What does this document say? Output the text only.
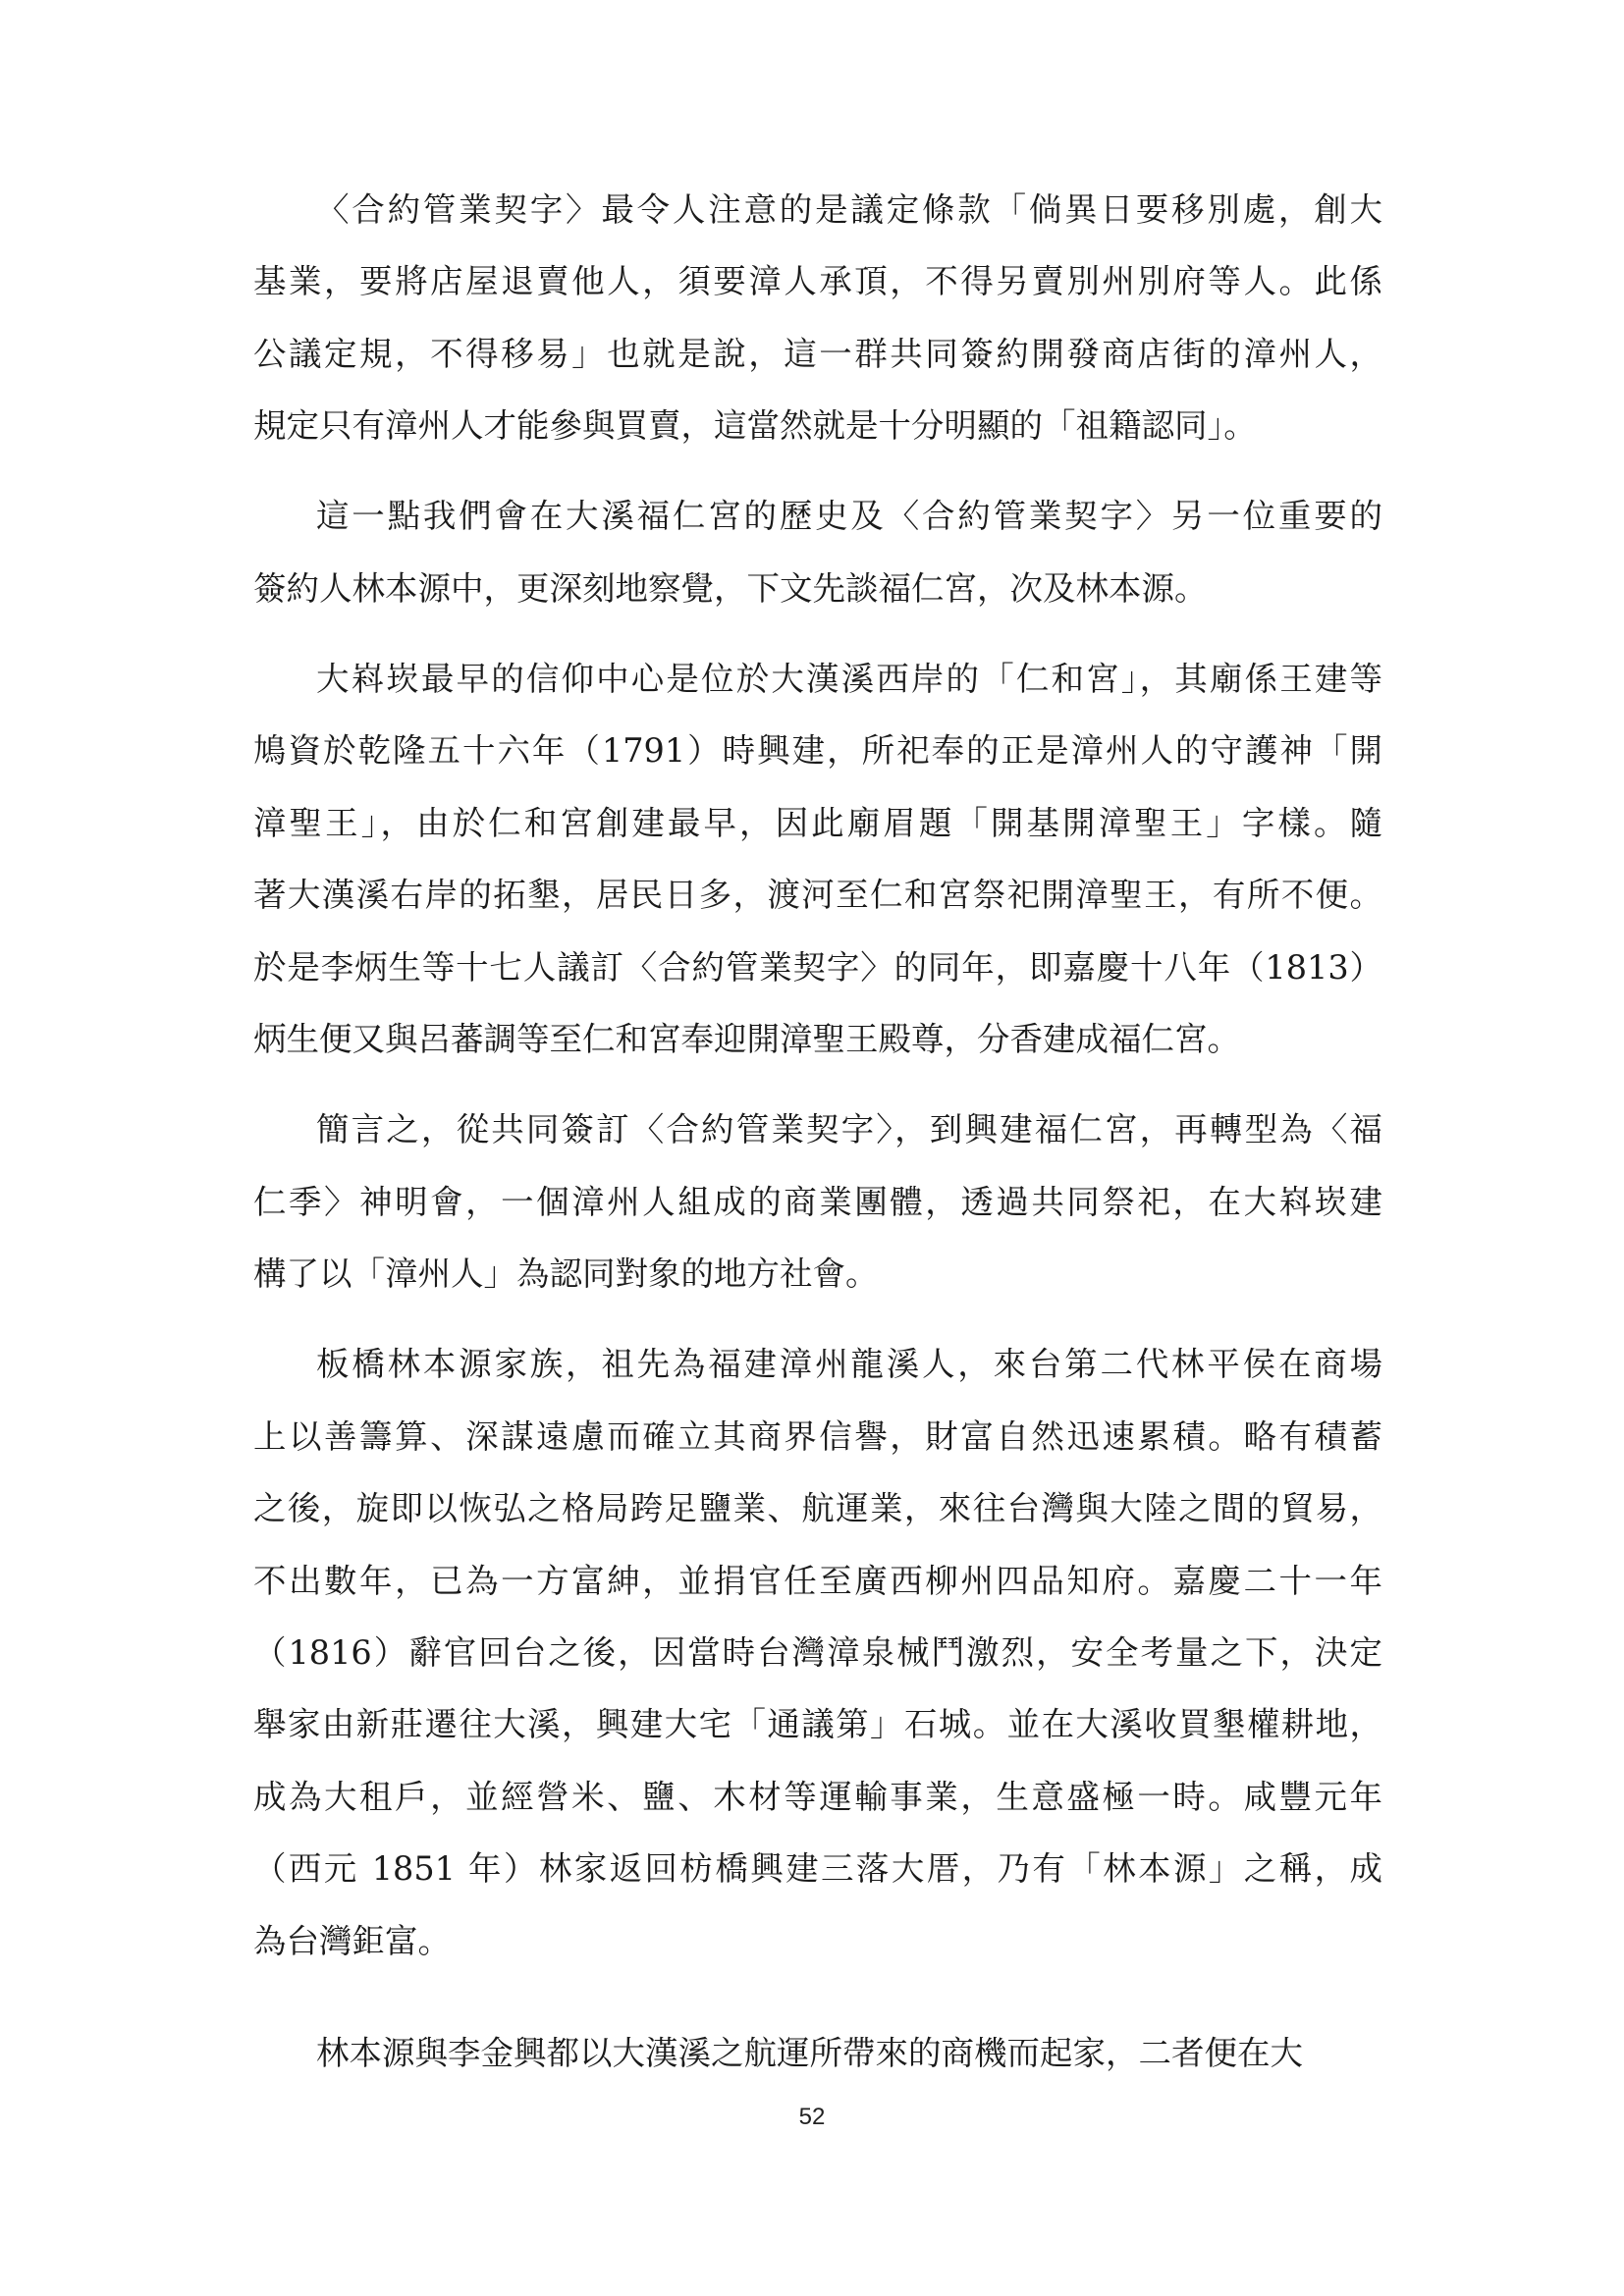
〈合約管業契字〉最令人注意的是議定條款「倘異日要移別處，創大
基業，要將店屋退賣他人，須要漳人承頂，不得另賣別州別府等人。此係
公議定規，不得移易」也就是說，這一群共同簽約開發商店街的漳州人，
規定只有漳州人才能參與買賣，這當然就是十分明顯的「祖籍認同」。
這一點我們會在大溪福仁宮的歷史及〈合約管業契字〉另一位重要的
簽約人林本源中，更深刻地察覺，下文先談福仁宮，次及林本源。
大嵙崁最早的信仰中心是位於大漢溪西岸的「仁和宮」，其廟係王建等
鳩資於乾隆五十六年（1791）時興建，所祀奉的正是漳州人的守護神「開
漳聖王」，由於仁和宮創建最早，因此廟眉題「開基開漳聖王」字樣。隨
著大漢溪右岸的拓墾，居民日多，渡河至仁和宮祭祀開漳聖王，有所不便。
於是李炳生等十七人議訂〈合約管業契字〉的同年，即嘉慶十八年（1813）
炳生便又與呂蕃調等至仁和宮奉迎開漳聖王殿尊，分香建成福仁宮。
簡言之，從共同簽訂〈合約管業契字〉，到興建福仁宮，再轉型為〈福
仁季〉神明會，一個漳州人組成的商業團體，透過共同祭祀，在大嵙崁建
構了以「漳州人」為認同對象的地方社會。
板橋林本源家族，祖先為福建漳州龍溪人，來台第二代林平侯在商場
上以善籌算、深謀遠慮而確立其商界信譽，財富自然迅速累積。略有積蓄
之後，旋即以恢弘之格局跨足鹽業、航運業，來往台灣與大陸之間的貿易，
不出數年，已為一方富紳，並捐官任至廣西柳州四品知府。嘉慶二十一年
（1816）辭官回台之後，因當時台灣漳泉械鬥激烈，安全考量之下，決定
舉家由新莊遷往大溪，興建大宅「通議第」石城。並在大溪收買墾權耕地，
成為大租戶，並經營米、鹽、木材等運輸事業，生意盛極一時。咸豐元年
（西元 1851 年）林家返回枋橋興建三落大厝，乃有「林本源」之稱，成
為台灣鉅富。
林本源與李金興都以大漢溪之航運所帶來的商機而起家，二者便在大
52
